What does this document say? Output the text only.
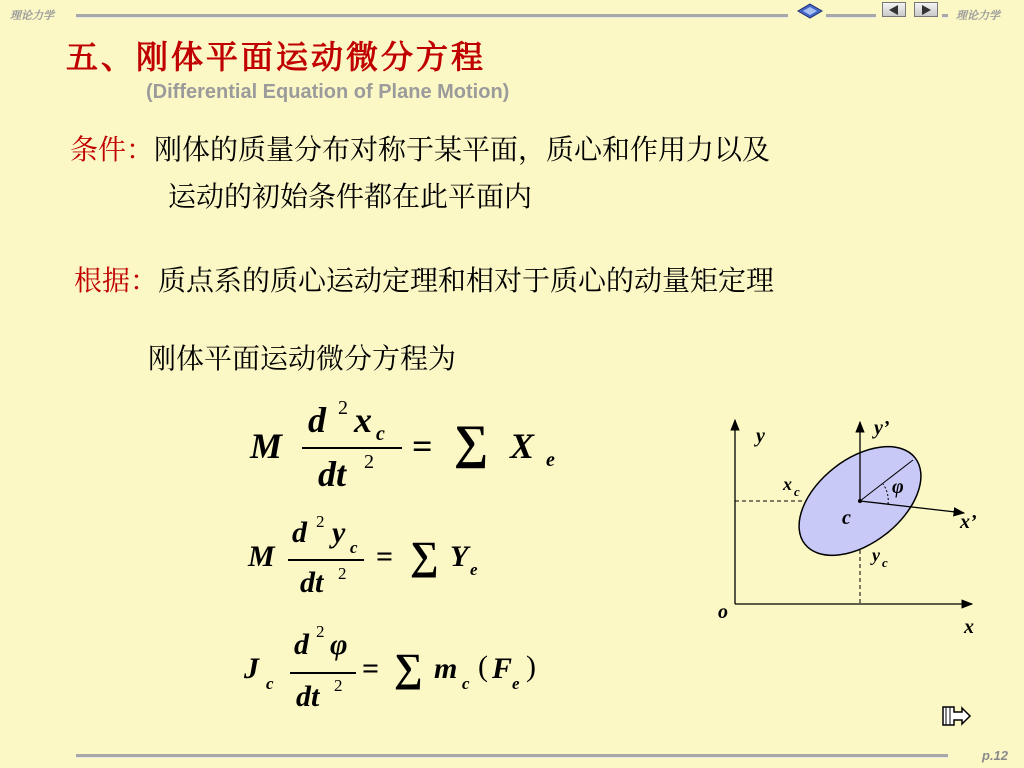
理论力学	理论力学
五、刚体平面运动微分方程
(Differential Equation of Plane Motion)
条件：刚体的质量分布对称于某平面，质心和作用力以及
运动的初始条件都在此平面内
根据：质点系的质心运动定理和相对于质心的动量矩定理
刚体平面运动微分方程为
M
d 2 x c
dt 2 = ∑ X e
M
d 2 y c
dt 2
= ∑ Y e
J c
d 2 φ
dt 2
= ∑ m c
( F e
)
y	y’
x’
x
o
x c
y c
c
φ
p.12
